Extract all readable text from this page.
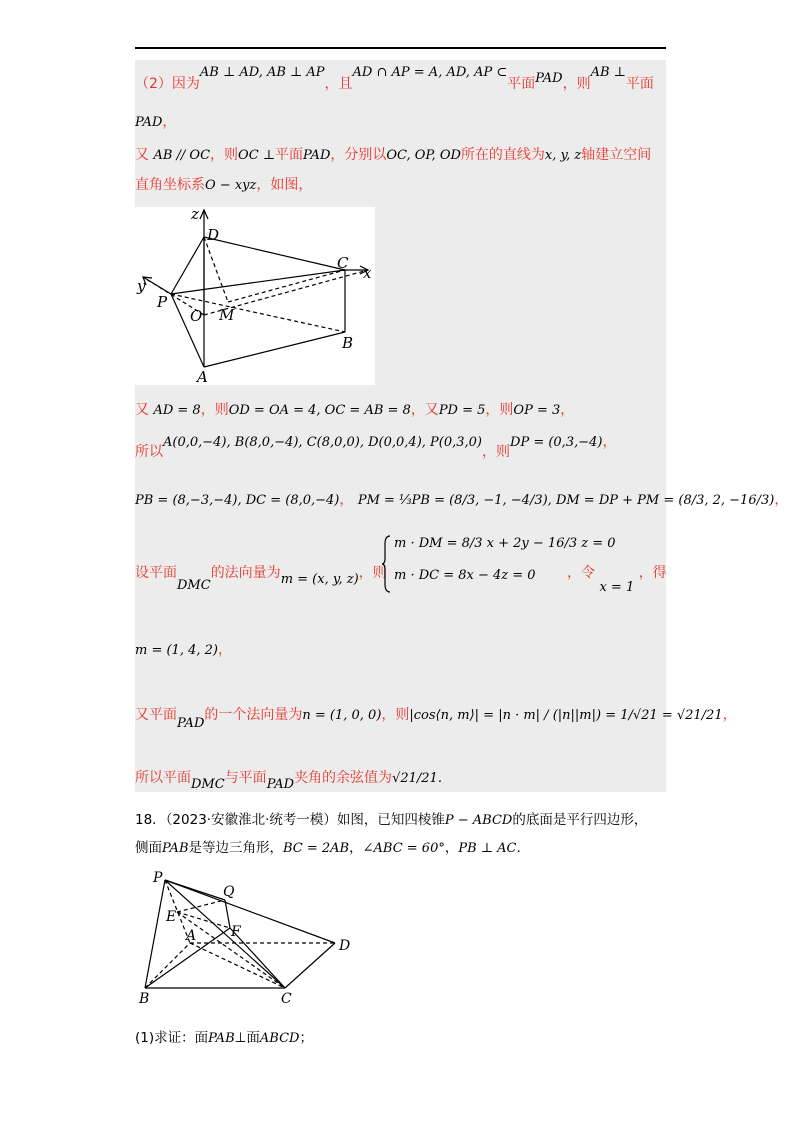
（2）因为AB ⊥ AD, AB ⊥ AP，且AD ∩ AP = A, AD, AP ⊂平面PAD，则AB ⊥平面
PAD，
又 AB // OC，则OC ⊥平面PAD，分别以OC, OP, OD所在的直线为x, y, z轴建立空间
直角坐标系O − xyz，如图，
z
D
C
x
y
P
O M
B
A
又 AD = 8，则OD = OA = 4, OC = AB = 8，又PD = 5，则OP = 3，
所以A(0,0,−4), B(8,0,−4), C(8,0,0), D(0,0,4), P(0,3,0)，则DP = (0,3,−4)，
PB = (8,−3,−4), DC = (8,0,−4)， PM = ⅓PB = (8/3, −1, −4/3), DM = DP + PM = (8/3, 2, −16/3)，
设平面DMC的法向量为m = (x, y, z)，则
m · DM = 8/3 x + 2y − 16/3 z = 0
m · DC = 8x − 4z = 0 ，令 x = 1 ，得
m = (1, 4, 2)，
又平面PAD的一个法向量为n = (1, 0, 0)，则|cos⟨n, m⟩| = |n · m| / (|n||m|) = 1/√21 = √21/21，
所以平面DMC与平面PAD夹角的余弦值为√21/21.
18．（2023·安徽淮北·统考一模）如图，已知四棱锥P − ABCD的底面是平行四边形，
侧面PAB是等边三角形，BC = 2AB，∠ABC = 60°，PB ⊥ AC.
P
Q
E
A F
D
B	C
(1)求证：面PAB⊥面ABCD；
